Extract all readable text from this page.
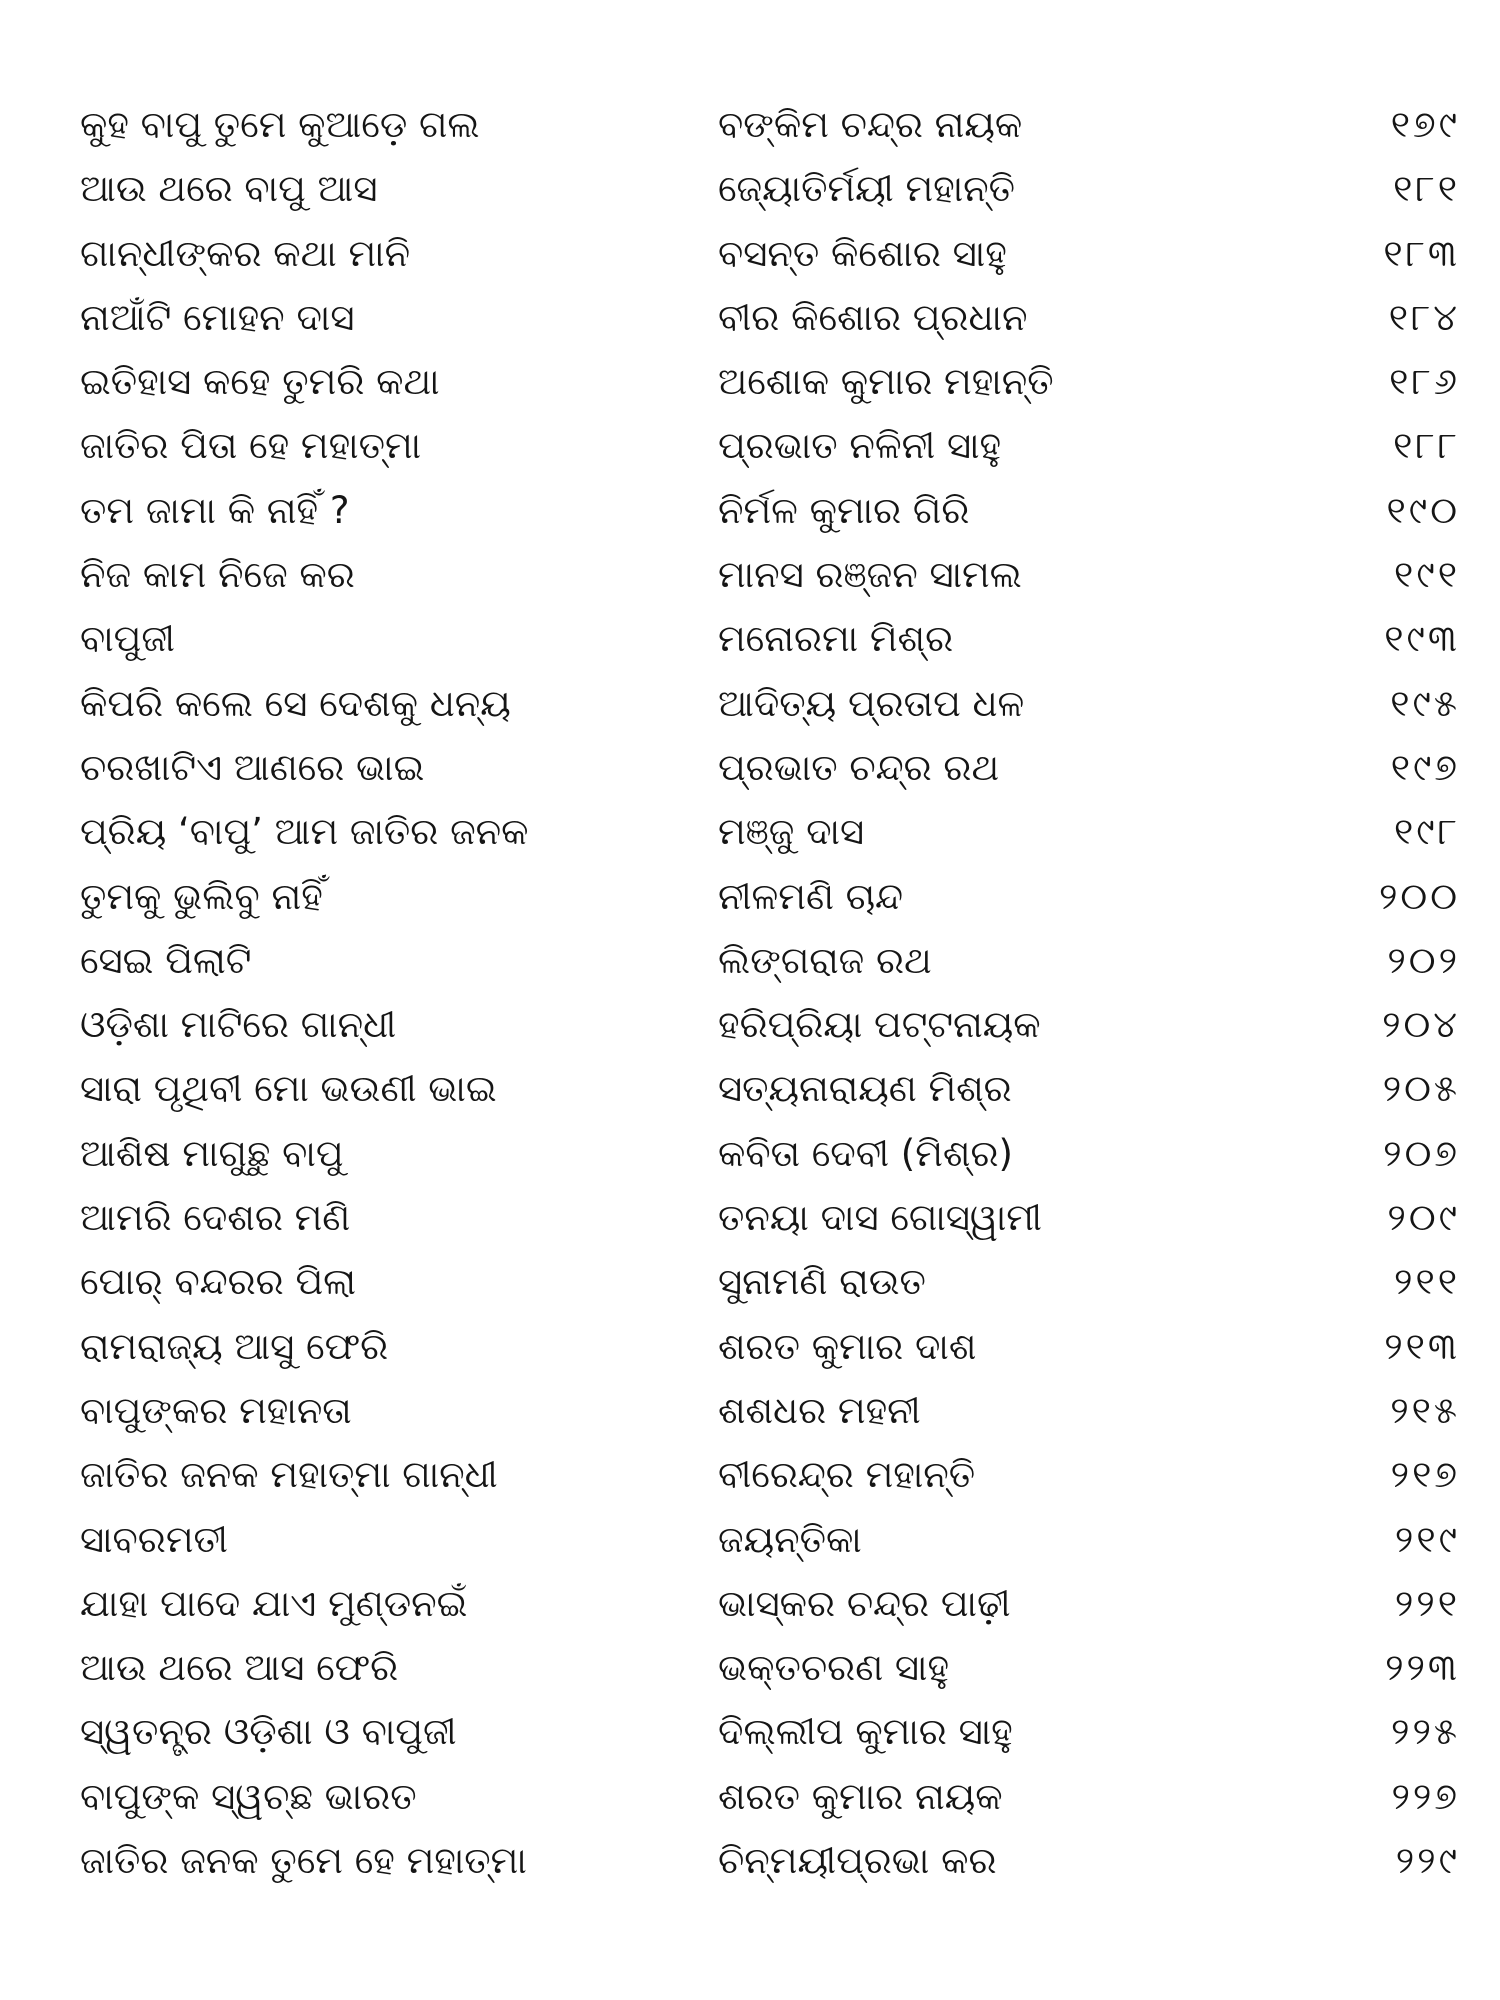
କୁହ ବାପୁ ତୁମେ କୁଆଡ଼େ ଗଲ	ବଙ୍କିମ ଚନ୍ଦ୍ର ନାୟକ	୧୭୯
ଆଉ ଥରେ ବାପୁ ଆସ	ଜ୍ୟୋତିର୍ମୟୀ ମହାନ୍ତି	୧୮୧
ଗାନ୍ଧୀଙ୍କର କଥା ମାନି	ବସନ୍ତ କିଶୋର ସାହୁ	୧୮୩
ନାଆଁଟି ମୋହନ ଦାସ	ବୀର କିଶୋର ପ୍ରଧାନ	୧୮୪
ଇତିହାସ କହେ ତୁମରି କଥା	ଅଶୋକ କୁମାର ମହାନ୍ତି	୧୮୬
ଜାତିର ପିତା ହେ ମହାତ୍ମା	ପ୍ରଭାତ ନଳିନୀ ସାହୁ	୧୮୮
ତମ ଜାମା କି ନାହିଁ ?	ନିର୍ମଳ କୁମାର ଗିରି	୧୯୦
ନିଜ କାମ ନିଜେ କର	ମାନସ ରଞ୍ଜନ ସାମଲ	୧୯୧
ବାପୁଜୀ	ମନୋରମା ମିଶ୍ର	୧୯୩
କିପରି କଲେ ସେ ଦେଶକୁ ଧନ୍ୟ	ଆଦିତ୍ୟ ପ୍ରତାପ ଧଳ	୧୯୫
ଚରଖାଟିଏ ଆଣରେ ଭାଇ	ପ୍ରଭାତ ଚନ୍ଦ୍ର ରଥ	୧୯୭
ପ୍ରିୟ ‘ବାପୁ’ ଆମ ଜାତିର ଜନକ	ମଞ୍ଜୁ ଦାସ	୧୯୮
ତୁମକୁ ଭୁଲିବୁ ନାହିଁ	ନୀଳମଣି ଚାନ୍ଦ	୨୦୦
ସେଇ ପିଲାଟି	ଲିଙ୍ଗରାଜ ରଥ	୨୦୨
ଓଡ଼ିଶା ମାଟିରେ ଗାନ୍ଧୀ	ହରିପ୍ରିୟା ପଟ୍ଟନାୟକ	୨୦୪
ସାରା ପୃଥିବୀ ମୋ ଭଉଣୀ ଭାଇ	ସତ୍ୟନାରାୟଣ ମିଶ୍ର	୨୦୫
ଆଶିଷ ମାଗୁଛୁ ବାପୁ	କବିତା ଦେବୀ (ମିଶ୍ର)	୨୦୭
ଆମରି ଦେଶର ମଣି	ତନୟା ଦାସ ଗୋସ୍ୱାମୀ	୨୦୯
ପୋର୍ ବନ୍ଦରର ପିଲା	ସୁନାମଣି ରାଉତ	୨୧୧
ରାମରାଜ୍ୟ ଆସୁ ଫେରି	ଶରତ କୁମାର ଦାଶ	୨୧୩
ବାପୁଙ୍କର ମହାନତା	ଶଶଧର ମହନୀ	୨୧୫
ଜାତିର ଜନକ ମହାତ୍ମା ଗାନ୍ଧୀ	ବୀରେନ୍ଦ୍ର ମହାନ୍ତି	୨୧୭
ସାବରମତୀ	ଜୟନ୍ତିକା	୨୧୯
ଯାହା ପାଦେ ଯାଏ ମୁଣ୍ଡନଇଁ	ଭାସ୍କର ଚନ୍ଦ୍ର ପାଢ଼ୀ	୨୨୧
ଆଉ ଥରେ ଆସ ଫେରି	ଭକ୍ତଚରଣ ସାହୁ	୨୨୩
ସ୍ୱତନ୍ତ୍ର ଓଡ଼ିଶା ଓ ବାପୁଜୀ	ଦିଲ୍ଲୀପ କୁମାର ସାହୁ	୨୨୫
ବାପୁଙ୍କ ସ୍ୱଚ୍ଛ ଭାରତ	ଶରତ କୁମାର ନାୟକ	୨୨୭
ଜାତିର ଜନକ ତୁମେ ହେ ମହାତ୍ମା	ଚିନ୍ମୟୀପ୍ରଭା କର	୨୨୯
